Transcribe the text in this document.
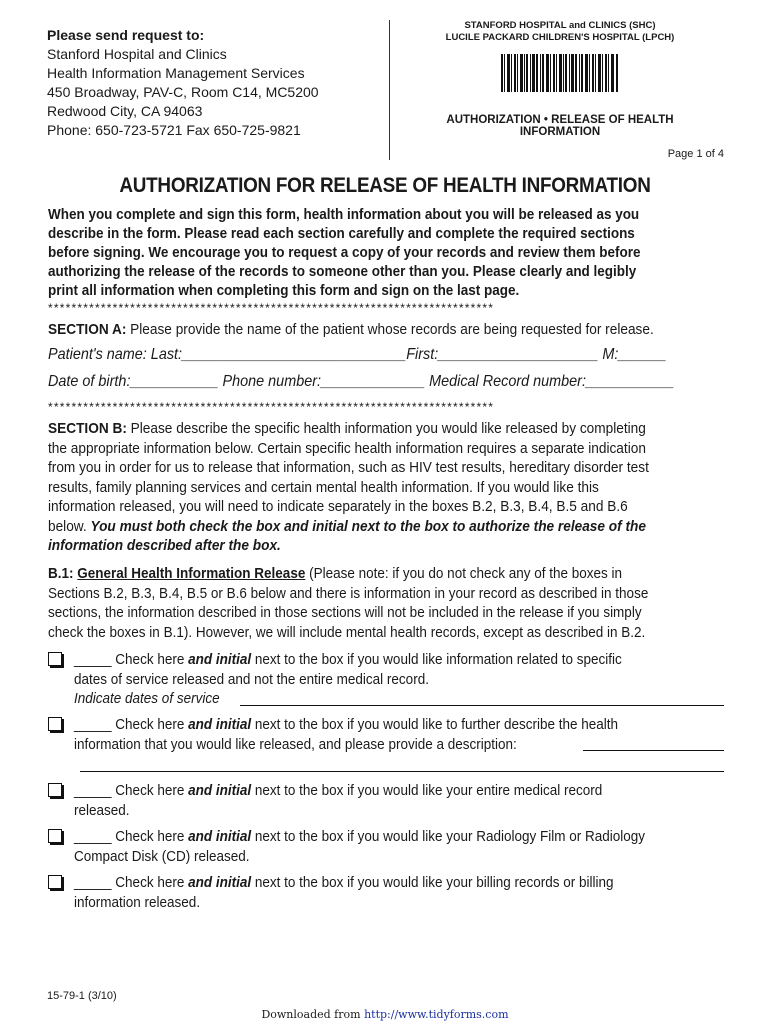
Please send request to:
Stanford Hospital and Clinics
Health Information Management Services
450 Broadway, PAV-C, Room C14, MC5200
Redwood City, CA 94063
Phone: 650-723-5721 Fax 650-725-9821
STANFORD HOSPITAL and CLINICS (SHC)
LUCILE PACKARD CHILDREN'S HOSPITAL (LPCH)
AUTHORIZATION • RELEASE OF HEALTH
INFORMATION
Page 1 of 4
AUTHORIZATION FOR RELEASE OF HEALTH INFORMATION
When you complete and sign this form, health information about you will be released as you
describe in the form. Please read each section carefully and complete the required sections
before signing. We encourage you to request a copy of your records and review them before
authorizing the release of the records to someone other than you. Please clearly and legibly
print all information when completing this form and sign on the last page.
****************************************************************************
SECTION A: Please provide the name of the patient whose records are being requested for release.
Patient's name: Last:____________________________First:____________________ M:______
Date of birth:___________ Phone number:_____________ Medical Record number:___________
****************************************************************************
SECTION B: Please describe the specific health information you would like released by completing
the appropriate information below. Certain specific health information requires a separate indication
from you in order for us to release that information, such as HIV test results, hereditary disorder test
results, family planning services and certain mental health information. If you would like this
information released, you will need to indicate separately in the boxes B.2, B.3, B.4, B.5 and B.6
below. You must both check the box and initial next to the box to authorize the release of the
information described after the box.
B.1: General Health Information Release (Please note: if you do not check any of the boxes in
Sections B.2, B.3, B.4, B.5 or B.6 below and there is information in your record as described in those
sections, the information described in those sections will not be included in the release if you simply
check the boxes in B.1). However, we will include mental health records, except as described in B.2.
_____ Check here and initial next to the box if you would like information related to specific
dates of service released and not the entire medical record.
Indicate dates of service
_____ Check here and initial next to the box if you would like to further describe the health
information that you would like released, and please provide a description:
_____ Check here and initial next to the box if you would like your entire medical record
released.
_____ Check here and initial next to the box if you would like your Radiology Film or Radiology
Compact Disk (CD) released.
_____ Check here and initial next to the box if you would like your billing records or billing
information released.
15-79-1 (3/10)
Downloaded from http://www.tidyforms.com
